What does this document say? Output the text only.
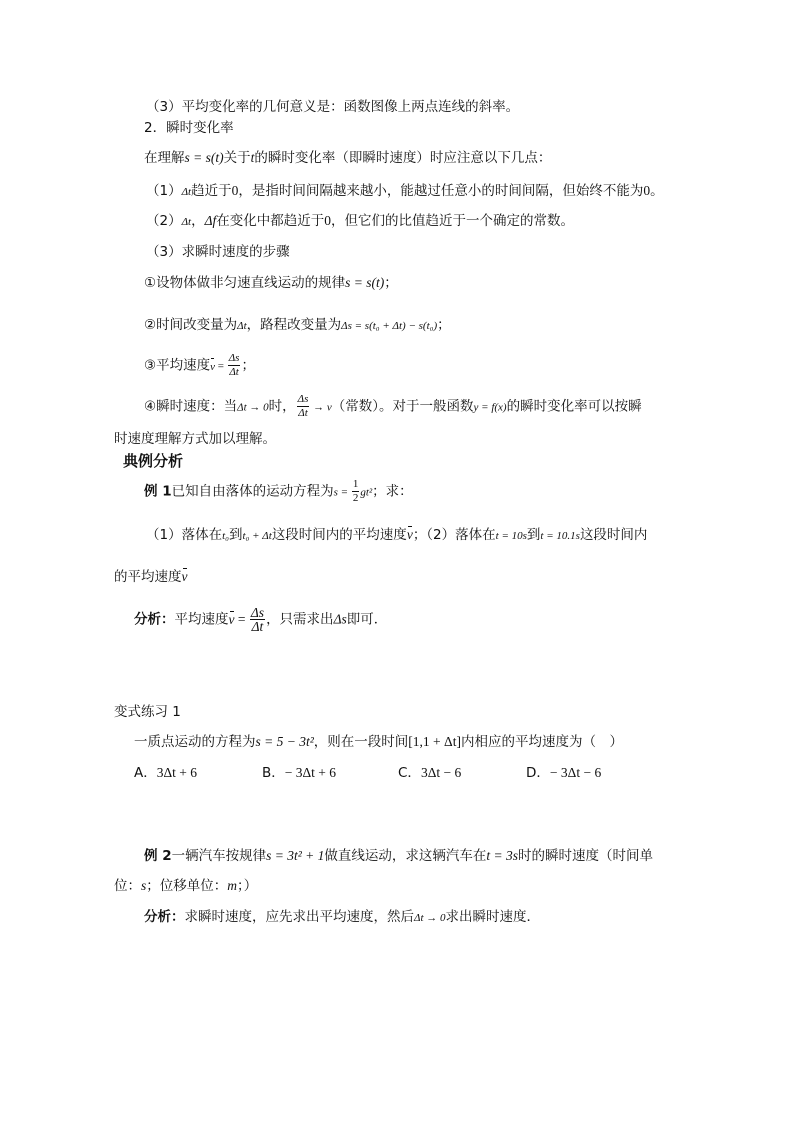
（3）平均变化率的几何意义是：函数图像上两点连线的斜率。
2．瞬时变化率
在理解s = s(t)关于t的瞬时变化率（即瞬时速度）时应注意以下几点：
（1）Δt趋近于0，是指时间间隔越来越小，能越过任意小的时间间隔，但始终不能为0。
（2）Δt，Δf在变化中都趋近于0，但它们的比值趋近于一个确定的常数。
（3）求瞬时速度的步骤
①设物体做非匀速直线运动的规律s = s(t)；
②时间改变量为Δt，路程改变量为Δs = s(t₀ + Δt) − s(t₀)；
③平均速度$v = \frac{\Delta s}{\Delta t}$ ；
④瞬时速度：当Δt → 0时， $\frac{\Delta s}{\Delta t} \to v$（常数）。对于一般函数y = f(x)的瞬时变化率可以按瞬
时速度理解方式加以理解。
典例分析
例 1已知自由落体的运动方程为$s = \frac{1}{2} gt^2$；求：
（1）落体在t₀到t₀ + Δt这段时间内的平均速度v；（2）落体在t = 10s到t = 10.1s这段时间内
的平均速度v
分析：平均速度$v = \frac{\Delta s}{\Delta t}$ ，只需求出Δs即可．
变式练习 1
一质点运动的方程为s = 5 − 3t²，则在一段时间[1,1 + Δt]内相应的平均速度为（　）
A．3Δt + 6	B．− 3Δt + 6	C．3Δt − 6	D．− 3Δt − 6
例 2一辆汽车按规律s = 3t² + 1做直线运动，求这辆汽车在t = 3s时的瞬时速度（时间单
位：s；位移单位：m；）
分析：求瞬时速度，应先求出平均速度，然后Δt → 0求出瞬时速度．
